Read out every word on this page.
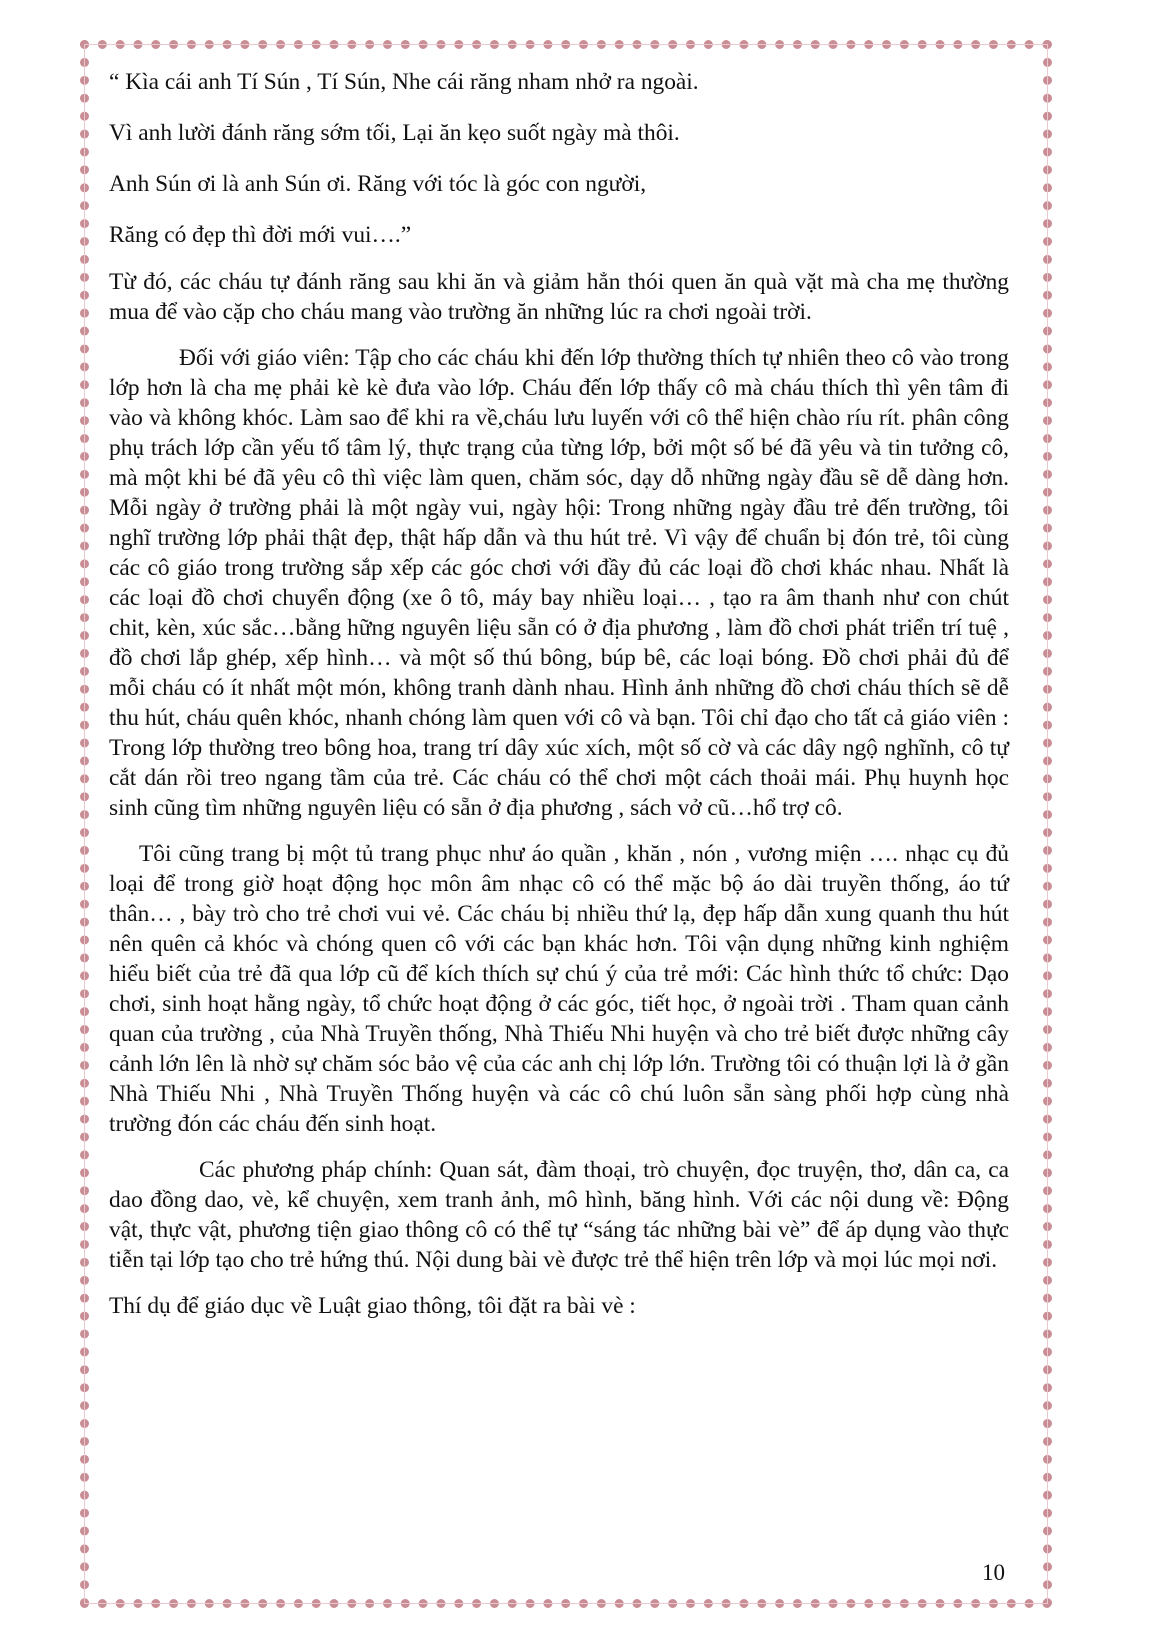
“ Kìa cái anh Tí Sún , Tí Sún, Nhe cái răng nham nhở ra ngoài.

Vì anh lười đánh răng sớm tối, Lại ăn kẹo suốt ngày mà thôi.

Anh Sún ơi là anh Sún ơi. Răng với tóc là góc con người,

Răng có đẹp thì đời mới vui….”

Từ đó, các cháu tự đánh răng sau khi ăn và giảm hẳn thói quen ăn quà vặt mà cha mẹ thường mua để vào cặp cho cháu mang vào trường ăn những lúc ra chơi ngoài trời.

Đối với giáo viên: Tập cho các cháu khi đến lớp thường thích tự nhiên theo cô vào trong lớp hơn là cha mẹ phải kè kè đưa vào lớp. Cháu đến lớp thấy cô mà cháu thích thì yên tâm đi vào và không khóc. Làm sao để khi ra về,cháu lưu luyến với cô thể hiện chào ríu rít. phân công phụ trách lớp cần yếu tố tâm lý, thực trạng của từng lớp, bởi một số bé đã yêu và tin tưởng cô, mà một khi bé đã yêu cô thì việc làm quen, chăm sóc, dạy dỗ những ngày đầu sẽ dễ dàng hơn. Mỗi ngày ở trường phải là một ngày vui, ngày hội: Trong những ngày đầu trẻ đến trường, tôi nghĩ trường lớp phải thật đẹp, thật hấp dẫn và thu hút trẻ. Vì vậy để chuẩn bị đón trẻ, tôi cùng các cô giáo trong trường sắp xếp các góc chơi với đầy đủ các loại đồ chơi khác nhau. Nhất là các loại đồ chơi chuyển động (xe ô tô, máy bay nhiều loại… , tạo ra âm thanh như con chút chit, kèn, xúc sắc…bằng hững nguyên liệu sẵn có ở địa phương , làm đồ chơi phát triển trí tuệ , đồ chơi lắp ghép, xếp hình… và một số thú bông, búp bê, các loại bóng. Đồ chơi phải đủ để mỗi cháu có ít nhất một món, không tranh dành nhau. Hình ảnh những đồ chơi cháu thích sẽ dễ thu hút, cháu quên khóc, nhanh chóng làm quen với cô và bạn. Tôi chỉ đạo cho tất cả giáo viên : Trong lớp thường treo bông hoa, trang trí dây xúc xích, một số cờ và các dây ngộ nghĩnh, cô tự cắt dán rồi treo ngang tầm của trẻ. Các cháu có thể chơi một cách thoải mái. Phụ huynh học sinh cũng tìm những nguyên liệu có sẵn ở địa phương , sách vở cũ…hổ trợ cô.

Tôi cũng trang bị một tủ trang phục như áo quần , khăn , nón , vương miện …. nhạc cụ đủ loại để trong giờ hoạt động học môn âm nhạc cô có thể mặc bộ áo dài truyền thống, áo tứ thân… , bày trò cho trẻ chơi vui vẻ. Các cháu bị nhiều thứ lạ, đẹp hấp dẫn xung quanh thu hút nên quên cả khóc và chóng quen cô với các bạn khác hơn. Tôi vận dụng những kinh nghiệm hiểu biết của trẻ đã qua lớp cũ để kích thích sự chú ý của trẻ mới: Các hình thức tổ chức: Dạo chơi, sinh hoạt hằng ngày, tổ chức hoạt động ở các góc, tiết học, ở ngoài trời . Tham quan cảnh quan của trường , của Nhà Truyền thống, Nhà Thiếu Nhi huyện và cho trẻ biết được những cây cảnh lớn lên là nhờ sự chăm sóc bảo vệ của các anh chị lớp lớn. Trường tôi có thuận lợi là ở gần Nhà Thiếu Nhi , Nhà Truyền Thống huyện và các cô chú luôn sẵn sàng phối hợp cùng nhà trường đón các cháu đến sinh hoạt.

Các phương pháp chính: Quan sát, đàm thoại, trò chuyện, đọc truyện, thơ, dân ca, ca dao đồng dao, vè, kể chuyện, xem tranh ảnh, mô hình, băng hình. Với các nội dung về: Động vật, thực vật, phương tiện giao thông cô có thể tự “sáng tác những bài vè” để áp dụng vào thực tiễn tại lớp tạo cho trẻ hứng thú. Nội dung bài vè được trẻ thể hiện trên lớp và mọi lúc mọi nơi.

Thí dụ để giáo dục về Luật giao thông, tôi đặt ra bài vè :

10
